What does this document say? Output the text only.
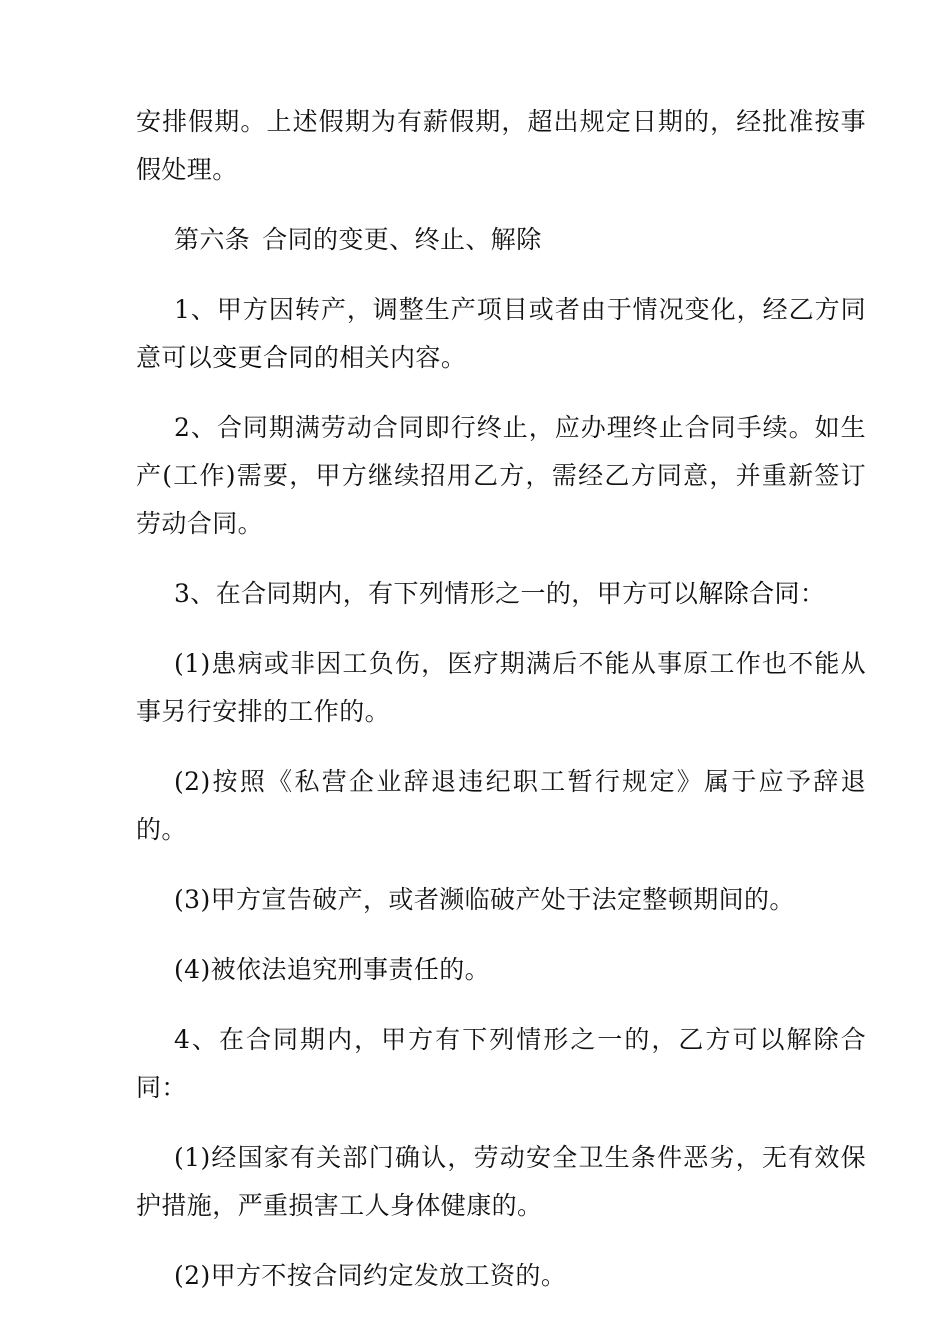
安排假期。上述假期为有薪假期，超出规定日期的，经批准按事假处理。

第六条 合同的变更、终止、解除

1、甲方因转产，调整生产项目或者由于情况变化，经乙方同意可以变更合同的相关内容。

2、合同期满劳动合同即行终止，应办理终止合同手续。如生产(工作)需要，甲方继续招用乙方，需经乙方同意，并重新签订劳动合同。

3、在合同期内，有下列情形之一的，甲方可以解除合同：

(1)患病或非因工负伤，医疗期满后不能从事原工作也不能从事另行安排的工作的。

(2)按照《私营企业辞退违纪职工暂行规定》属于应予辞退的。

(3)甲方宣告破产，或者濒临破产处于法定整顿期间的。

(4)被依法追究刑事责任的。

4、在合同期内，甲方有下列情形之一的，乙方可以解除合同：

(1)经国家有关部门确认，劳动安全卫生条件恶劣，无有效保护措施，严重损害工人身体健康的。

(2)甲方不按合同约定发放工资的。
